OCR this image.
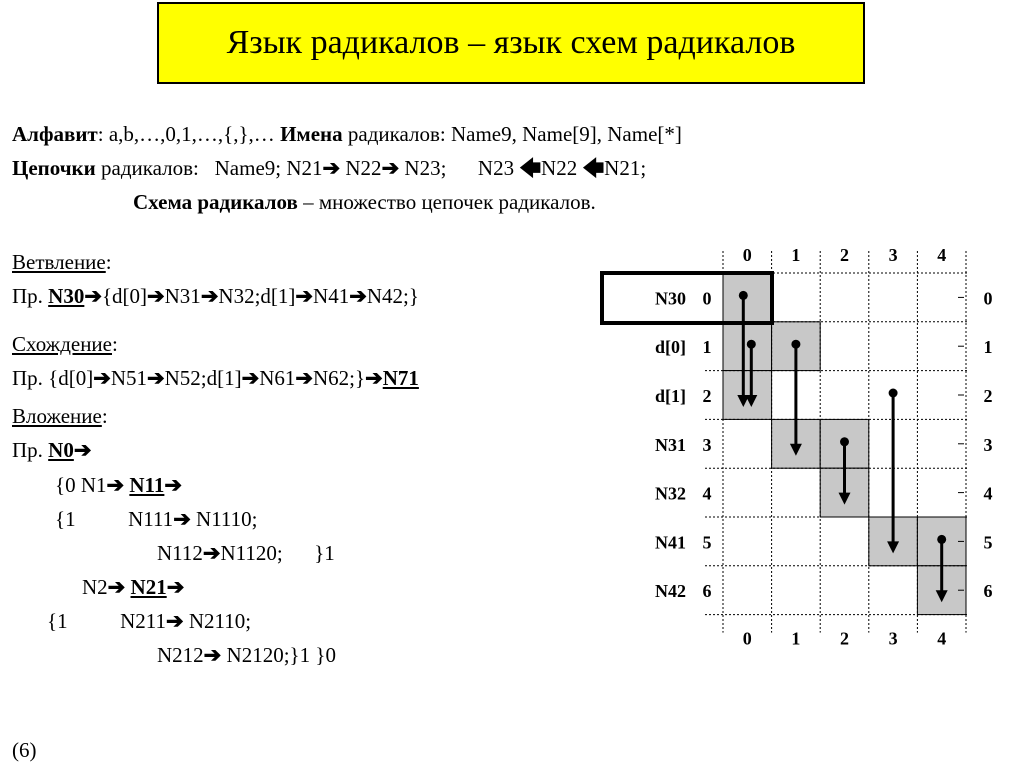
Язык радикалов – язык схем радикалов
Алфавит: a,b,…,0,1,…,{,},… Имена радикалов: Name9, Name[9], Name[*]
Цепочки радикалов:   Name9; N21➔ N22➔ N23;      N23 🡄N22 🡄N21;
Схема радикалов – множество цепочек радикалов.
Ветвление:
Пр. N30➔{d[0]➔N31➔N32;d[1]➔N41➔N42;}
Схождение:
Пр. {d[0]➔N51➔N52;d[1]➔N61➔N62;}➔N71
Вложение:
Пр. N0➔
{0 N1➔ N11➔
{1          N111➔ N1110;
N112➔N1120;      }1
N2➔ N21➔
{1          N211➔ N2110;
N212➔ N2120;}1 }0
(6)
0
0
1
1
2
2
3
3
4
4
N30 0	0
d[0] 1	1
d[1] 2	2
N31 3	3
N32 4	4
N41 5	5
N42 6	6
